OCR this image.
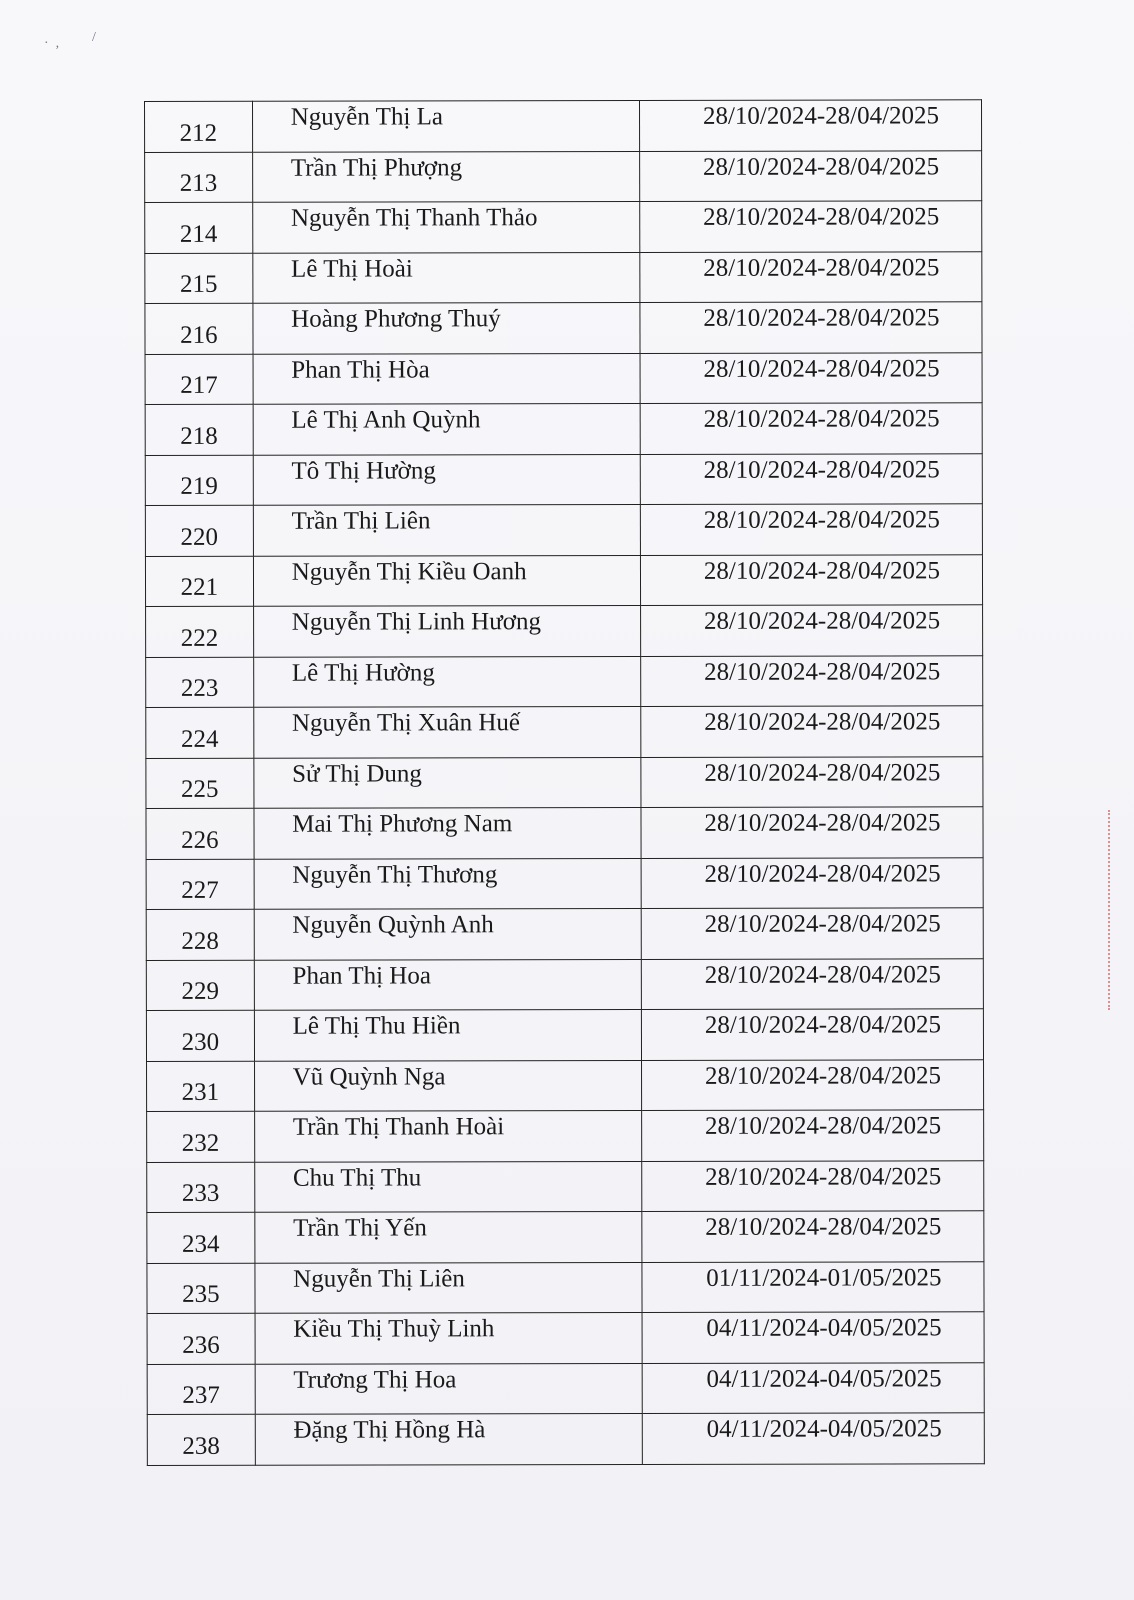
·  , /
212	Nguyễn Thị La	28/10/2024-28/04/2025
213	Trần Thị Phượng	28/10/2024-28/04/2025
214	Nguyễn Thị Thanh Thảo	28/10/2024-28/04/2025
215	Lê Thị Hoài	28/10/2024-28/04/2025
216	Hoàng Phương Thuý	28/10/2024-28/04/2025
217	Phan Thị Hòa	28/10/2024-28/04/2025
218	Lê Thị Anh Quỳnh	28/10/2024-28/04/2025
219	Tô Thị Hường	28/10/2024-28/04/2025
220	Trần Thị Liên	28/10/2024-28/04/2025
221	Nguyễn Thị Kiều Oanh	28/10/2024-28/04/2025
222	Nguyễn Thị Linh Hương	28/10/2024-28/04/2025
223	Lê Thị Hường	28/10/2024-28/04/2025
224	Nguyễn Thị Xuân Huế	28/10/2024-28/04/2025
225	Sử Thị Dung	28/10/2024-28/04/2025
226	Mai Thị Phương Nam	28/10/2024-28/04/2025
227	Nguyễn Thị Thương	28/10/2024-28/04/2025
228	Nguyễn Quỳnh Anh	28/10/2024-28/04/2025
229	Phan Thị Hoa	28/10/2024-28/04/2025
230	Lê Thị Thu Hiền	28/10/2024-28/04/2025
231	Vũ Quỳnh Nga	28/10/2024-28/04/2025
232	Trần Thị Thanh Hoài	28/10/2024-28/04/2025
233	Chu Thị Thu	28/10/2024-28/04/2025
234	Trần Thị Yến	28/10/2024-28/04/2025
235	Nguyễn Thị Liên	01/11/2024-01/05/2025
236	Kiều Thị Thuỳ Linh	04/11/2024-04/05/2025
237	Trương Thị Hoa	04/11/2024-04/05/2025
238	Đặng Thị Hồng Hà	04/11/2024-04/05/2025
